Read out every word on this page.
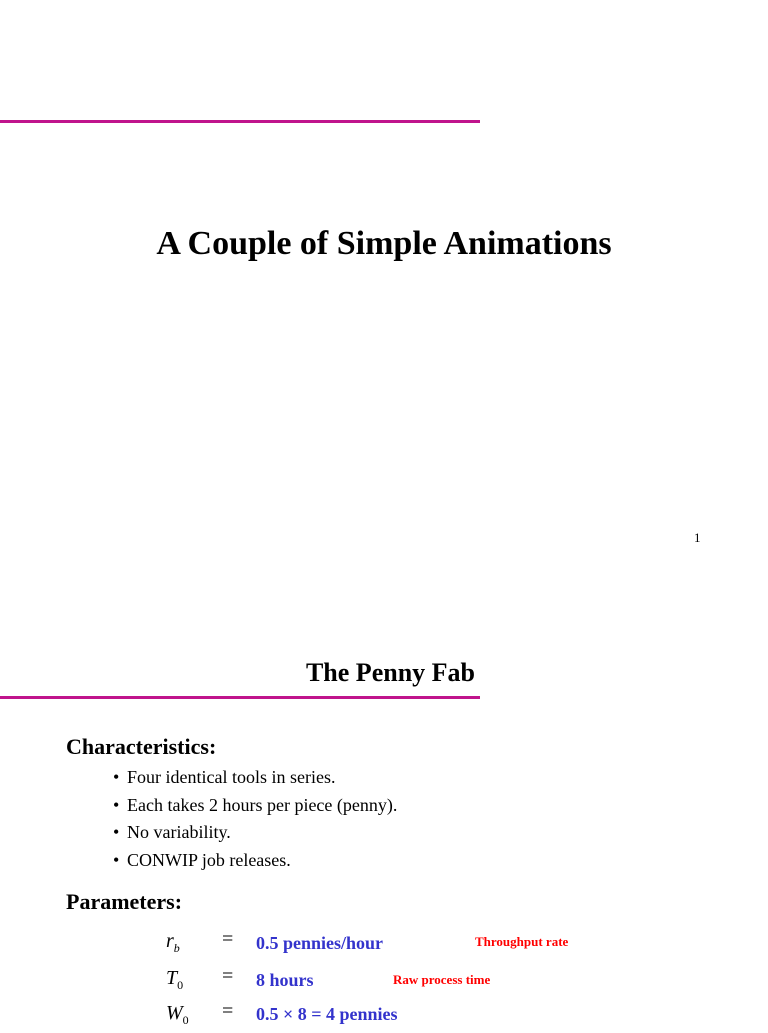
A Couple of Simple Animations
1
The Penny Fab
Characteristics:
• Four identical tools in series.
• Each takes 2 hours per piece (penny).
• No variability.
• CONWIP job releases.
Parameters:
$r_b = 0.5$ pennies/hour	Throughput rate
$T_0 = 8$ hours	Raw process time
$W_0 = 0.5 \times 8 = 4$ pennies
